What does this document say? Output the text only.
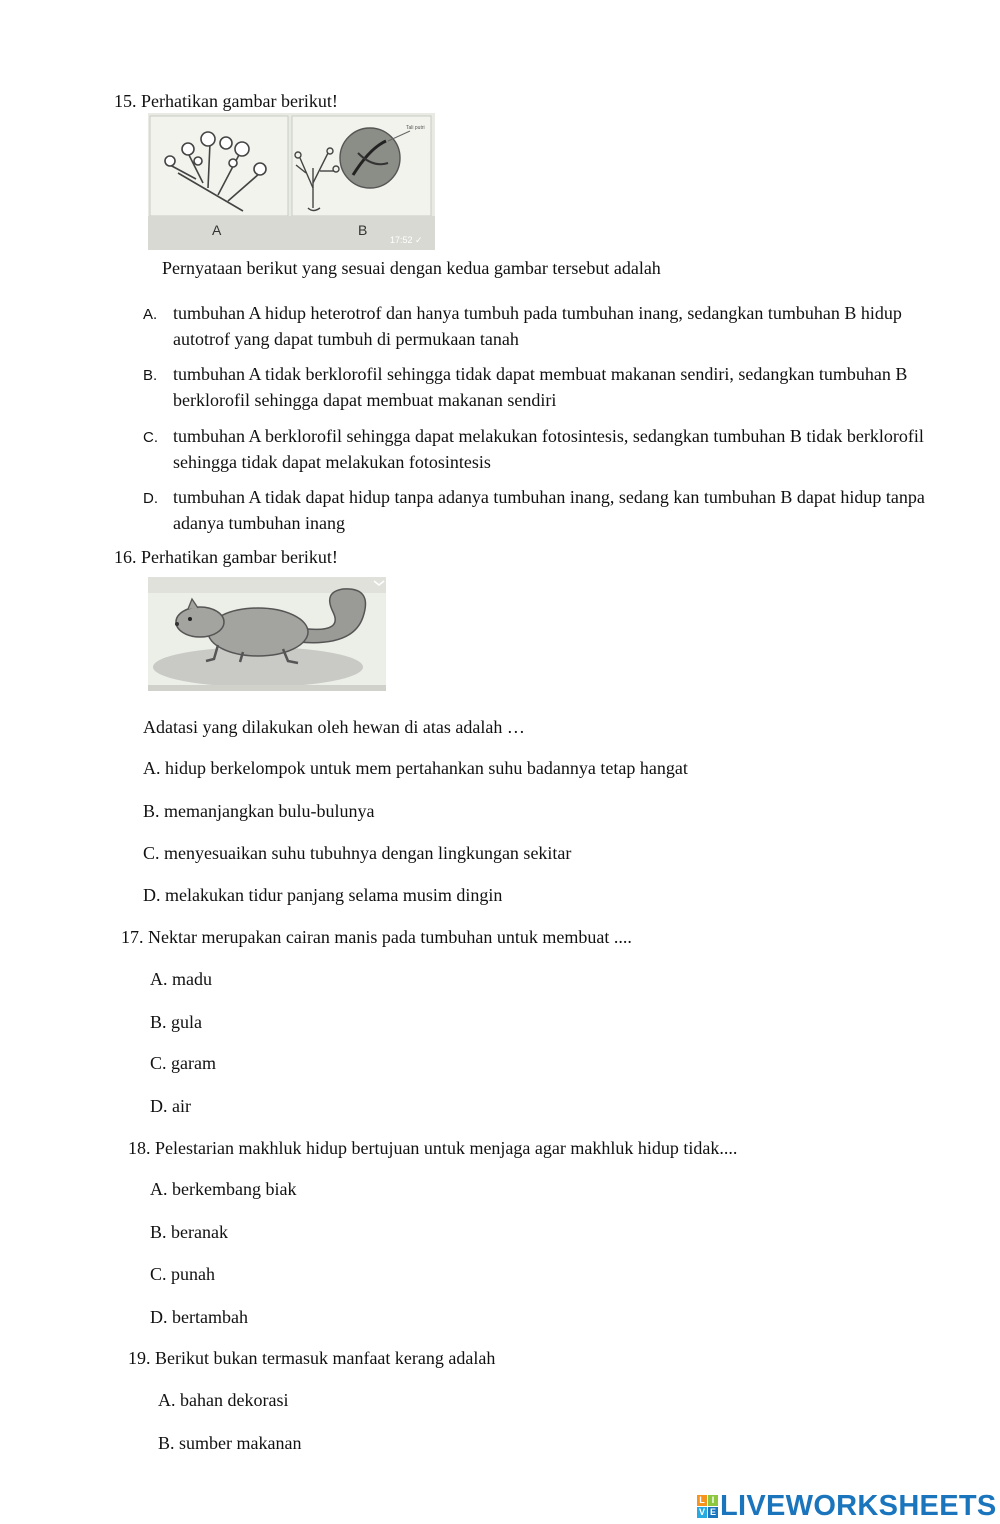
15. Perhatikan gambar berikut!
Tali putri
A	B
17:52 ✓
Pernyataan berikut yang sesuai dengan kedua gambar tersebut adalah
A. tumbuhan A hidup heterotrof dan hanya tumbuh pada tumbuhan inang, sedangkan tumbuhan B hidup autotrof yang dapat tumbuh di permukaan tanah
B. tumbuhan A tidak berklorofil sehingga tidak dapat membuat makanan sendiri, sedangkan tumbuhan B berklorofil sehingga dapat membuat makanan sendiri
C. tumbuhan A berklorofil sehingga dapat melakukan fotosintesis, sedangkan tumbuhan B tidak berklorofil sehingga tidak dapat melakukan fotosintesis
D. tumbuhan A tidak dapat hidup tanpa adanya tumbuhan inang, sedang kan tumbuhan B dapat hidup tanpa adanya tumbuhan inang
16. Perhatikan gambar berikut!
Adatasi yang dilakukan oleh hewan di atas adalah …
A. hidup berkelompok untuk mem pertahankan suhu badannya tetap hangat
B. memanjangkan bulu-bulunya
C. menyesuaikan suhu tubuhnya dengan lingkungan sekitar
D. melakukan tidur panjang selama musim dingin
17. Nektar merupakan cairan manis pada tumbuhan untuk membuat ....
A. madu
B. gula
C. garam
D. air
18. Pelestarian makhluk hidup bertujuan untuk menjaga agar makhluk hidup tidak....
A. berkembang biak
B. beranak
C. punah
D. bertambah
19. Berikut bukan termasuk manfaat kerang adalah
A. bahan dekorasi
B. sumber makanan
L I
V E LIVEWORKSHEETS
